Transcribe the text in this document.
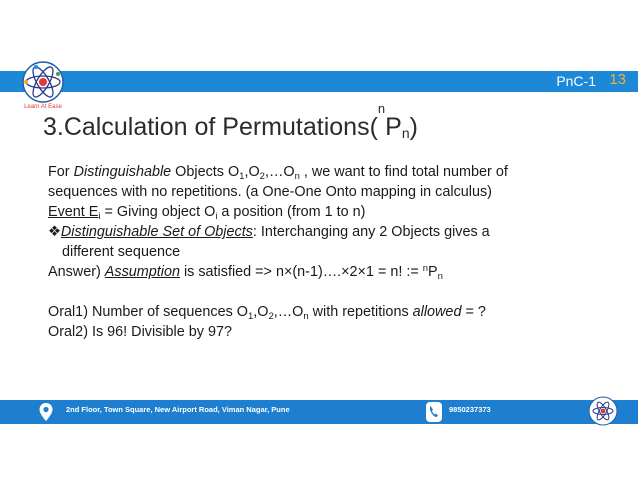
Learn At Ease
PnC-1 13
3.Calculation of $Permutations(^nP_n)$

For Distinguishable Objects $O_1,O_2,\dots O_n$ , we want to find total number of

sequences with no repetitions. (a One-One Onto mapping in calculus)

Event $E_i$ = Giving object $O_i$ a position (from 1 to n)

❖Distinguishable Set of Objects: Interchanging any 2 Objects gives a

different sequence

Answer) Assumption is satisfied => n×(n-1)….×2×1 = n! := $^nP_n$

Oral1) Number of sequences $O_1,O_2,\dots O_n$ with repetitions allowed = ?

Oral2) Is 96! Divisible by 97?

2nd Floor, Town Square, New Airport Road, Viman Nagar, Pune	9850237373
